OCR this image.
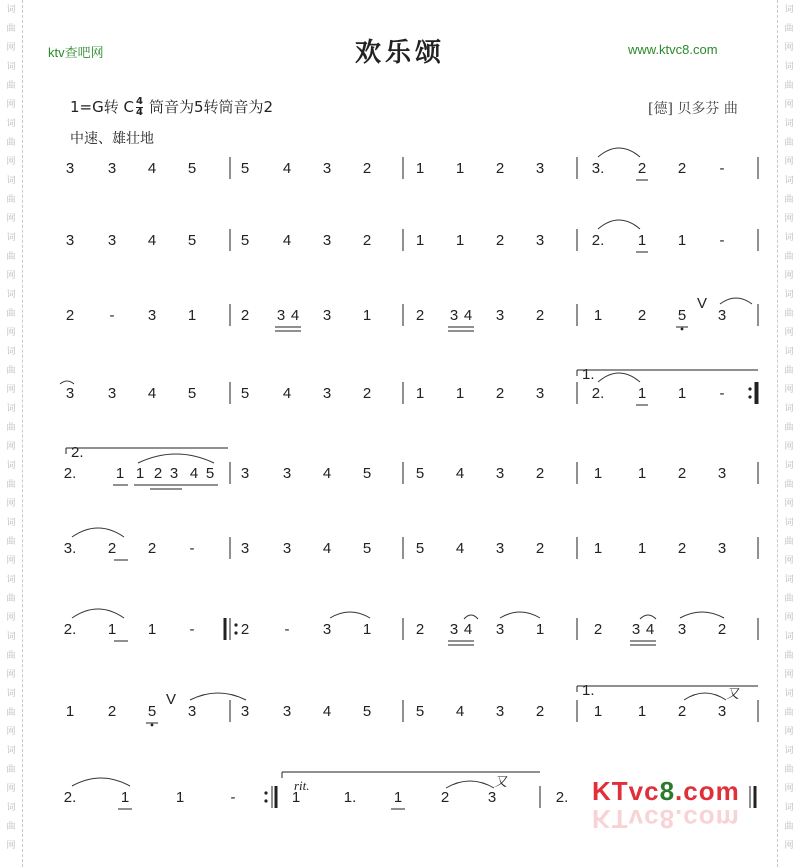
词
曲
网
词
曲
网
词
曲
网
词
曲
网
词
曲
网
词
曲
网
词
曲
网
词
曲
网
词
曲
网
词
曲
网
词
曲
网
词
曲
网
词
曲
网
词
曲
网
词
曲
网
词
曲
网
词
曲
网
词
曲
网
词
曲
网
词
曲
网
词
曲
网
词
曲
网
词
曲
网
词
曲
网
词
曲
网
词
曲
网
词
曲
网
词
曲
网
词
曲
网
词
曲
网
ktv查吧网	欢乐颂	www.ktvc8.com
1=G转 C $\frac{4}{4}$ 筒音为5转筒音为2	[德] 贝多芬 曲
中速、雄壮地
3 3 4 5	5 4 3 2	1 1 2 3	3. 2 2 -
3 3 4 5	5 4 3 2	1 1 2 3	2. 1 1 -
2 - 3 1	2 3 4 3 1	2 3 4 3 2	1 2 5 3
3 3 4 5	5 4 3 2	1 1 2 3	2. 1 1 -
2.	1 1 2 3 4 5 3 3 4 5	5 4 3 2	1 1 2 3
3. 2 2 -	3 3 4 5	5 4 3 2	1 1 2 3
2. 1 1 -	2 - 3 1	2 3 4 3 1	2 3 4 3 2
1 2 5 3	3 3 4 5	5 4 3 2	1 1 2 3
2.	1	1	-	1	1.	1	2	3	2.
rit.	又
V
1.
2.
V
1.	又
KTvc8.com
KTvc8.com
